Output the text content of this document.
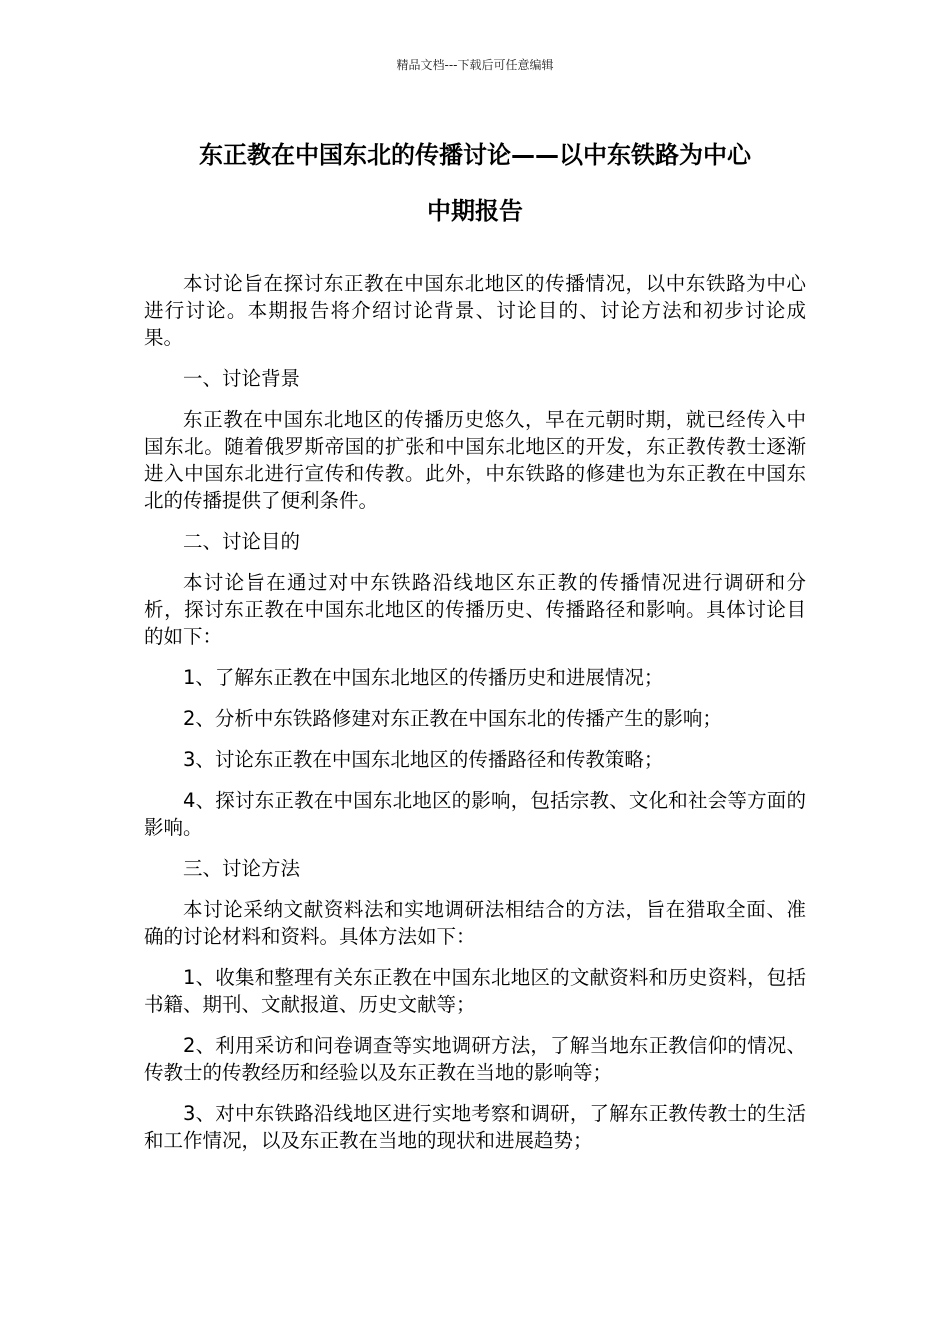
精品文档---下载后可任意编辑
东正教在中国东北的传播讨论——以中东铁路为中心
中期报告

本讨论旨在探讨东正教在中国东北地区的传播情况，以中东铁路为中心进行讨论。本期报告将介绍讨论背景、讨论目的、讨论方法和初步讨论成果。

一、讨论背景

东正教在中国东北地区的传播历史悠久，早在元朝时期，就已经传入中国东北。随着俄罗斯帝国的扩张和中国东北地区的开发，东正教传教士逐渐进入中国东北进行宣传和传教。此外，中东铁路的修建也为东正教在中国东北的传播提供了便利条件。

二、讨论目的

本讨论旨在通过对中东铁路沿线地区东正教的传播情况进行调研和分析，探讨东正教在中国东北地区的传播历史、传播路径和影响。具体讨论目的如下：

1、了解东正教在中国东北地区的传播历史和进展情况；

2、分析中东铁路修建对东正教在中国东北的传播产生的影响；

3、讨论东正教在中国东北地区的传播路径和传教策略；

4、探讨东正教在中国东北地区的影响，包括宗教、文化和社会等方面的影响。

三、讨论方法

本讨论采纳文献资料法和实地调研法相结合的方法，旨在猎取全面、准确的讨论材料和资料。具体方法如下：

1、收集和整理有关东正教在中国东北地区的文献资料和历史资料，包括书籍、期刊、文献报道、历史文献等；

2、利用采访和问卷调查等实地调研方法，了解当地东正教信仰的情况、传教士的传教经历和经验以及东正教在当地的影响等；

3、对中东铁路沿线地区进行实地考察和调研，了解东正教传教士的生活和工作情况，以及东正教在当地的现状和进展趋势；
